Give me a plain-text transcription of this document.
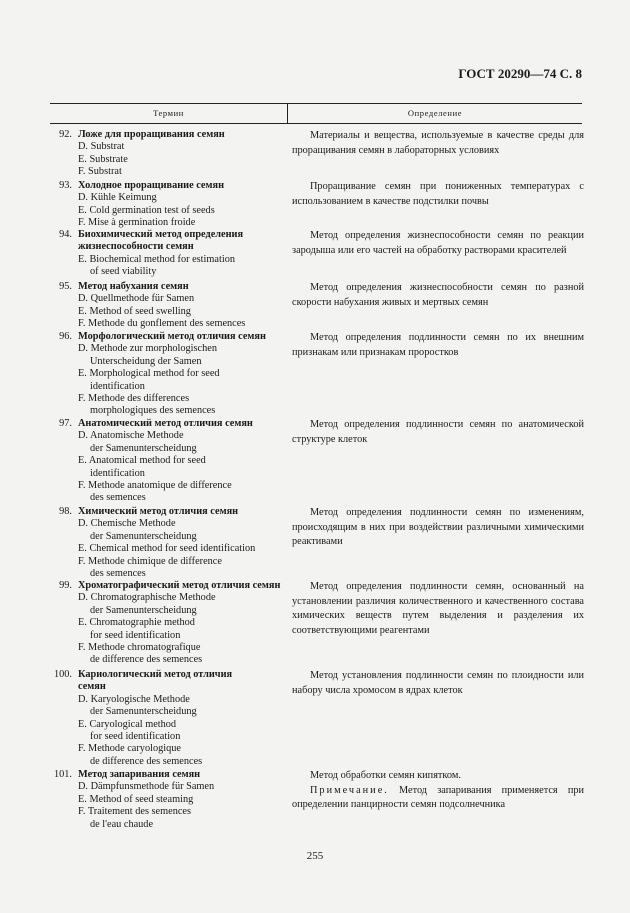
ГОСТ 20290—74 С. 8
Термин	Определение
92. Ложе для проращивания семян
D. Substrat
E. Substrate
F. Substrat
Материалы и вещества, используемые в качестве среды для проращивания семян в лабораторных условиях
93. Холодное проращивание семян
D. Kühle Keimung
E. Cold germination test of seeds
F. Mise à germination froide
Проращивание семян при пониженных температурах с использованием в качестве подстилки почвы
94. Биохимический метод определения
жизнеспособности семян
E. Biochemical method for estimation
of seed viability
Метод определения жизнеспособности семян по реакции зародыша или его частей на обработку растворами красителей
95. Метод набухания семян
D. Quellmethode für Samen
E. Method of seed swelling
F. Methode du gonflement des semences
Метод определения жизнеспособности семян по разной скорости набухания живых и мертвых семян
96. Морфологический метод отличия семян
D. Methode zur morphologischen
Unterscheidung der Samen
E. Morphological method for seed
identification
F. Methode des differences
morphologiques des semences
Метод определения подлинности семян по их внешним признакам или признакам проростков
97. Анатомический метод отличия семян
D. Anatomische Methode
der Samenunterscheidung
E. Anatomical method for seed
identification
F. Methode anatomique de difference
des semences
Метод определения подлинности семян по анатомической структуре клеток
98. Химический метод отличия семян
D. Chemische Methode
der Samenunterscheidung
E. Chemical method for seed identification
F. Methode chimique de difference
des semences
Метод определения подлинности семян по изменениям, происходящим в них при воздействии различными химическими реактивами
99. Хроматографический метод отличия семян
D. Chromatographische Methode
der Samenunterscheidung
E. Chromatographie method
for seed identification
F. Methode chromatografique
de difference des semences
Метод определения подлинности семян, основанный на установлении различия количественного и качественного состава химических веществ путем выделения и разделения их соответствующими реагентами
100. Кариологический метод отличия
семян
D. Karyologische Methode
der Samenunterscheidung
E. Caryological method
for seed identification
F. Methode caryologique
de difference des semences
Метод установления подлинности семян по плоидности или набору числа хромосом в ядрах клеток
101. Метод запаривания семян
D. Dämpfunsmethode für Samen
E. Method of seed steaming
F. Traitement des semences
de l'eau chaude
Метод обработки семян кипятком.
Примечание. Метод запаривания применяется при определении панцирности семян подсолнечника
255
